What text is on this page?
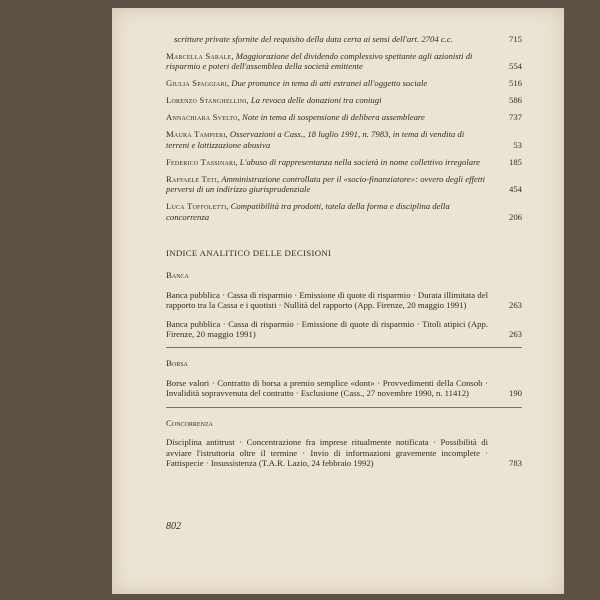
scritture private sfornite del requisito della data certa ai sensi dell'art. 2704 c.c.	715
Marcella Sarale, Maggiorazione del dividendo complessivo spettante agli azionisti di risparmio e poteri dell'assemblea della società emittente	554
Giulia Spaggiari, Due pronunce in tema di atti estranei all'oggetto sociale	516
Lorenzo Stanghellini, La revoca delle donazioni tra coniugi	586
Annachiara Svelto, Note in tema di sospensione di delibera assembleare	737
Maura Tampieri, Osservazioni a Cass., 18 luglio 1991, n. 7983, in tema di vendita di terreni e lottizzazione abusiva	53
Federico Tassinari, L'abuso di rappresentanza nella società in nome collettivo irregolare	185
Raffaele Teti, Amministrazione controllata per il «socio-finanziatore»: ovvero degli effetti perversi di un indirizzo giurisprudenziale	454
Luca Toffoletti, Compatibilità tra prodotti, tutela della forma e disciplina della concorrenza	206
INDICE ANALITICO DELLE DECISIONI
Banca
Banca pubblica · Cassa di risparmio · Emissione di quote di risparmio · Durata illimitata del rapporto tra la Cassa e i quotisti · Nullità del rapporto (App. Firenze, 20 maggio 1991)	263
Banca pubblica · Cassa di risparmio · Emissione di quote di risparmio · Titoli atipici (App. Firenze, 20 maggio 1991)	263
Borsa
Borse valori · Contratto di borsa a premio semplice «dont» · Provvedimenti della Consob · Invalidità sopravvenuta del contratto · Esclusione (Cass., 27 novembre 1990, n. 11412)	190
Concorrenza
Disciplina antitrust · Concentrazione fra imprese ritualmente notificata · Possibilità di avviare l'istruttoria oltre il termine · Invio di informazioni gravemente incomplete · Fattispecie · Insussistenza (T.A.R. Lazio, 24 febbraio 1992)	783
802
